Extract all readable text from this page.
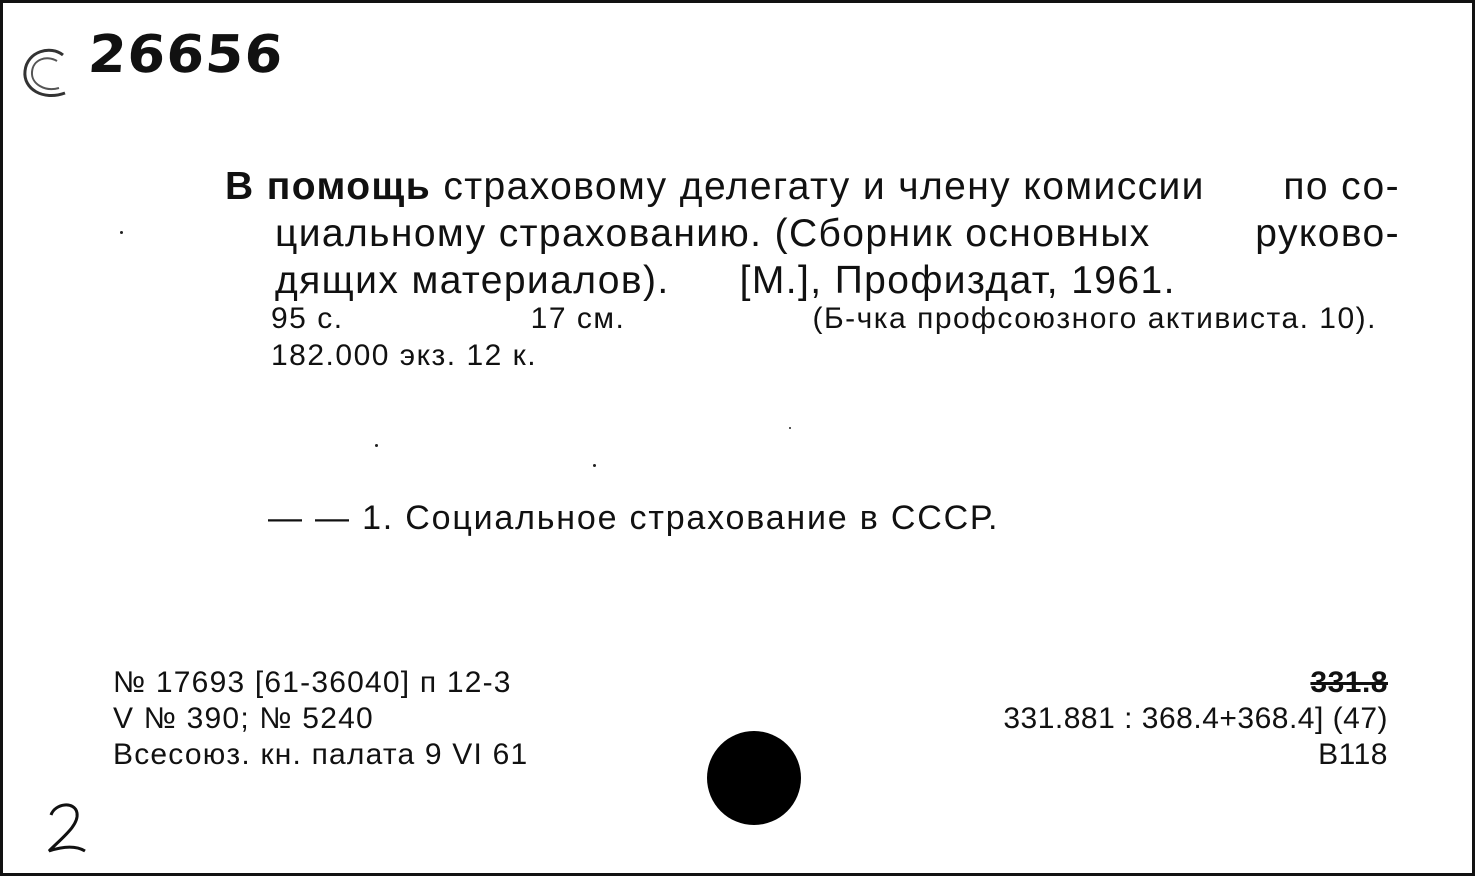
26656
В помощь страховому делегату и члену комиссии по со-
циальному страхованию. (Сборник основных	руково-
дящих материалов). [М.], Профиздат, 1961.
95 с.	17 см.	(Б-чка профсоюзного активиста. 10).
182.000 экз. 12 к.
— — 1. Социальное страхование в СССР.
№ 17693 [61-36040] п 12-3
V № 390; № 5240
Всесоюз. кн. палата 9 VI 61
331.8
331.881 : 368.4+368.4] (47)
В118
